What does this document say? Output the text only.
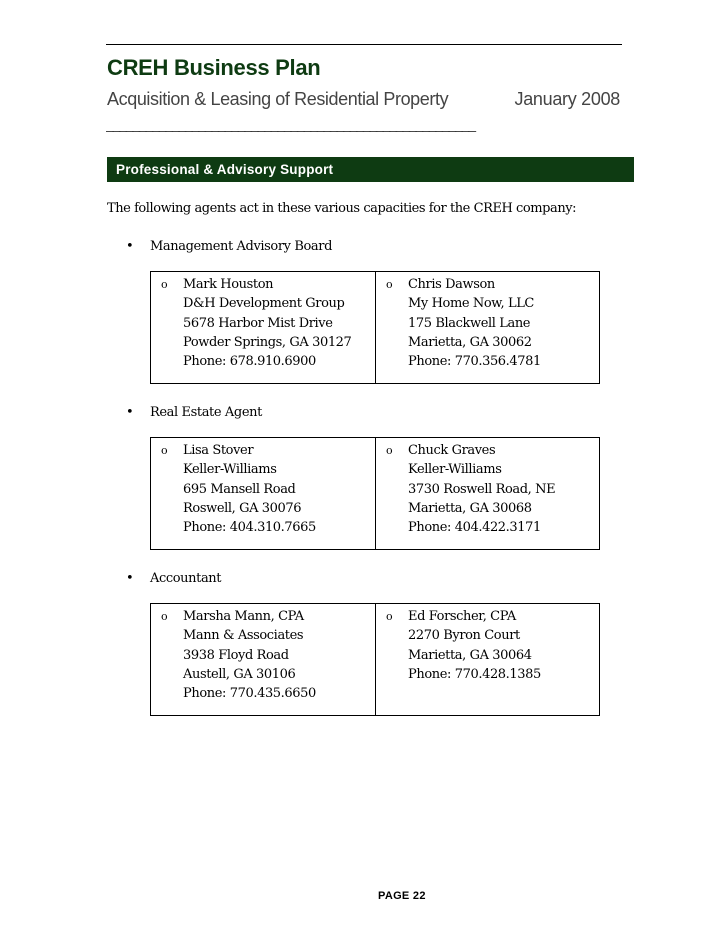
CREH Business Plan
Acquisition & Leasing of Residential Property	January 2008
________________________________________________________
Professional & Advisory Support
The following agents act in these various capacities for the CREH company:
• Management Advisory Board
o Mark Houston
D&H Development Group
5678 Harbor Mist Drive
Powder Springs, GA 30127
Phone: 678.910.6900
o Chris Dawson
My Home Now, LLC
175 Blackwell Lane
Marietta, GA 30062
Phone: 770.356.4781
• Real Estate Agent
o Lisa Stover
Keller-Williams
695 Mansell Road
Roswell, GA 30076
Phone: 404.310.7665
o Chuck Graves
Keller-Williams
3730 Roswell Road, NE
Marietta, GA 30068
Phone: 404.422.3171
• Accountant
o Marsha Mann, CPA
Mann & Associates
3938 Floyd Road
Austell, GA 30106
Phone: 770.435.6650
o Ed Forscher, CPA
2270 Byron Court
Marietta, GA 30064
Phone: 770.428.1385
PAGE 22
